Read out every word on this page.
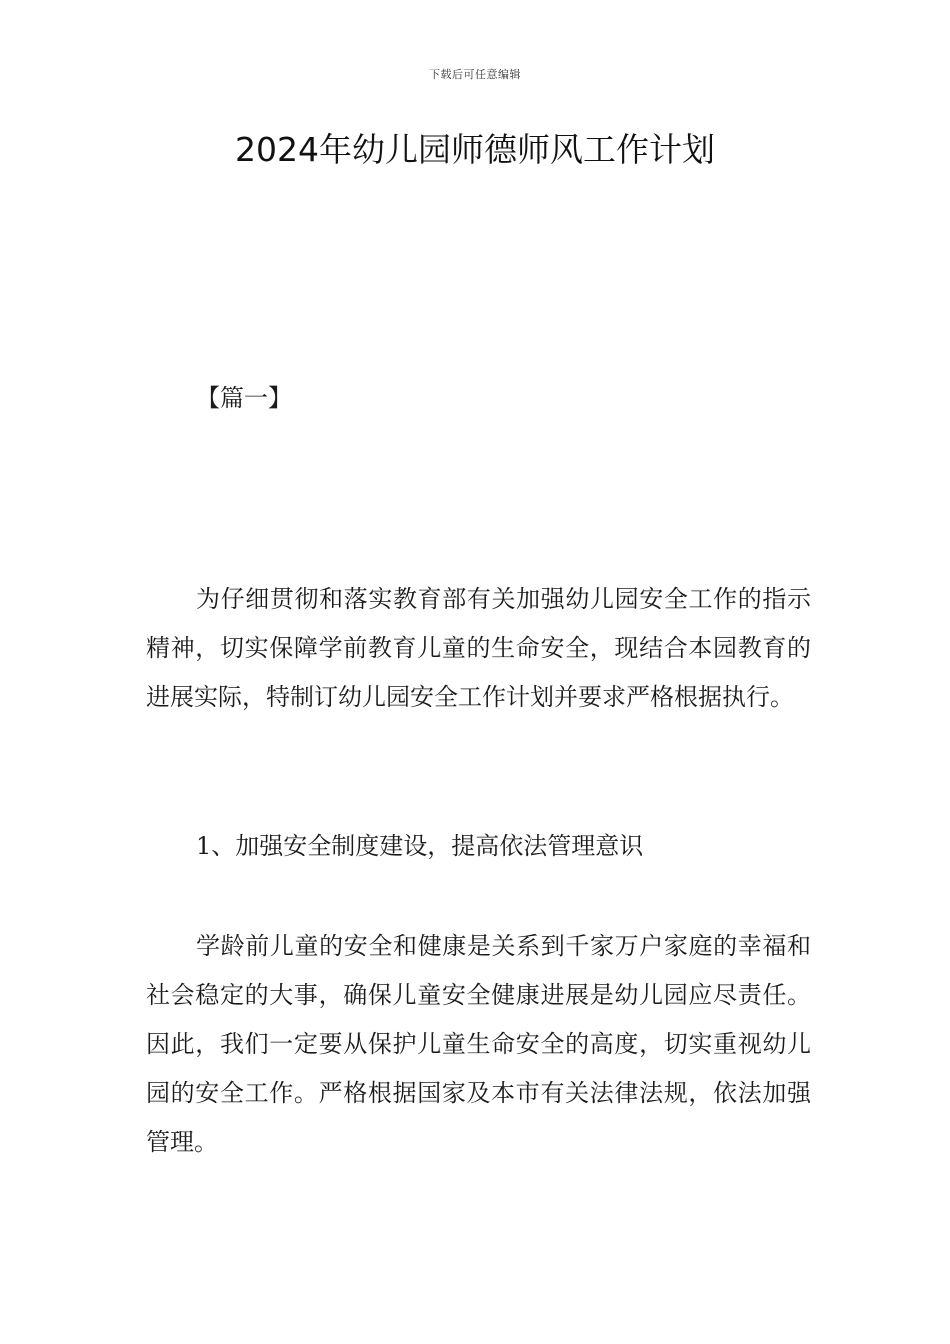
下载后可任意编辑
2024年幼儿园师德师风工作计划

【篇一】

为仔细贯彻和落实教育部有关加强幼儿园安全工作的指示精神，切实保障学前教育儿童的生命安全，现结合本园教育的进展实际，特制订幼儿园安全工作计划并要求严格根据执行。

1、加强安全制度建设，提高依法管理意识

学龄前儿童的安全和健康是关系到千家万户家庭的幸福和社会稳定的大事，确保儿童安全健康进展是幼儿园应尽责任。因此，我们一定要从保护儿童生命安全的高度，切实重视幼儿园的安全工作。严格根据国家及本市有关法律法规，依法加强管理。
